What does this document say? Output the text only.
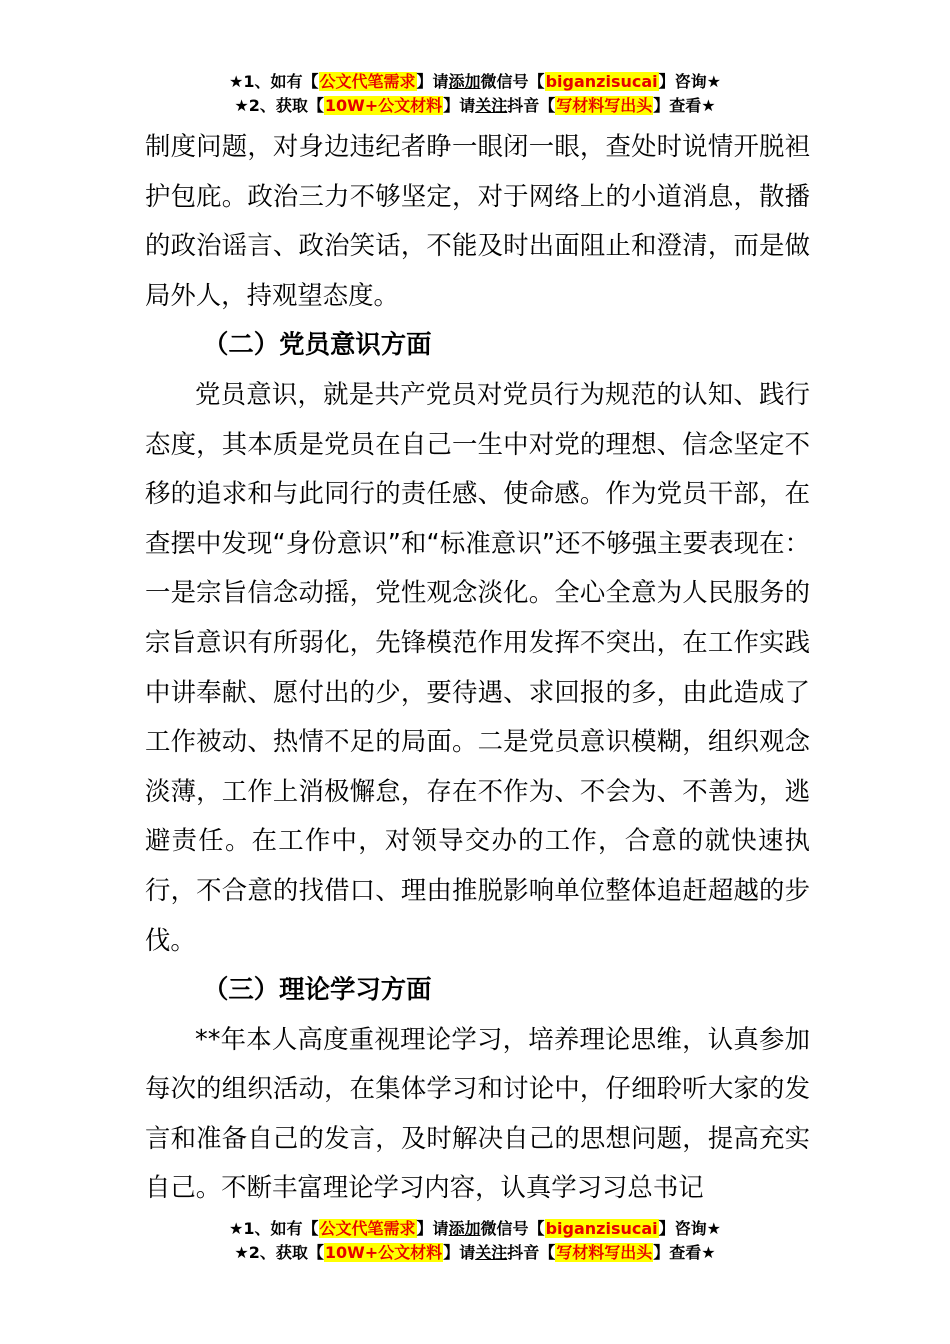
★1、如有【公文代笔需求】请添加微信号【biganzisucai】咨询★
★2、获取【10W+公文材料】请关注抖音【写材料写出头】查看★

制度问题，对身边违纪者睁一眼闭一眼，查处时说情开脱袒护包庇。政治三力不够坚定，对于网络上的小道消息，散播的政治谣言、政治笑话，不能及时出面阻止和澄清，而是做局外人，持观望态度。

（二）党员意识方面

党员意识，就是共产党员对党员行为规范的认知、践行态度，其本质是党员在自己一生中对党的理想、信念坚定不移的追求和与此同行的责任感、使命感。作为党员干部，在查摆中发现“身份意识”和“标准意识”还不够强主要表现在：一是宗旨信念动摇，党性观念淡化。全心全意为人民服务的宗旨意识有所弱化，先锋模范作用发挥不突出，在工作实践中讲奉献、愿付出的少，要待遇、求回报的多，由此造成了工作被动、热情不足的局面。二是党员意识模糊，组织观念淡薄，工作上消极懈怠，存在不作为、不会为、不善为，逃避责任。在工作中，对领导交办的工作，合意的就快速执行，不合意的找借口、理由推脱影响单位整体追赶超越的步伐。

（三）理论学习方面

**年本人高度重视理论学习，培养理论思维，认真参加每次的组织活动，在集体学习和讨论中，仔细聆听大家的发言和准备自己的发言，及时解决自己的思想问题，提高充实自己。不断丰富理论学习内容，认真学习习总书记

★1、如有【公文代笔需求】请添加微信号【biganzisucai】咨询★
★2、获取【10W+公文材料】请关注抖音【写材料写出头】查看★
